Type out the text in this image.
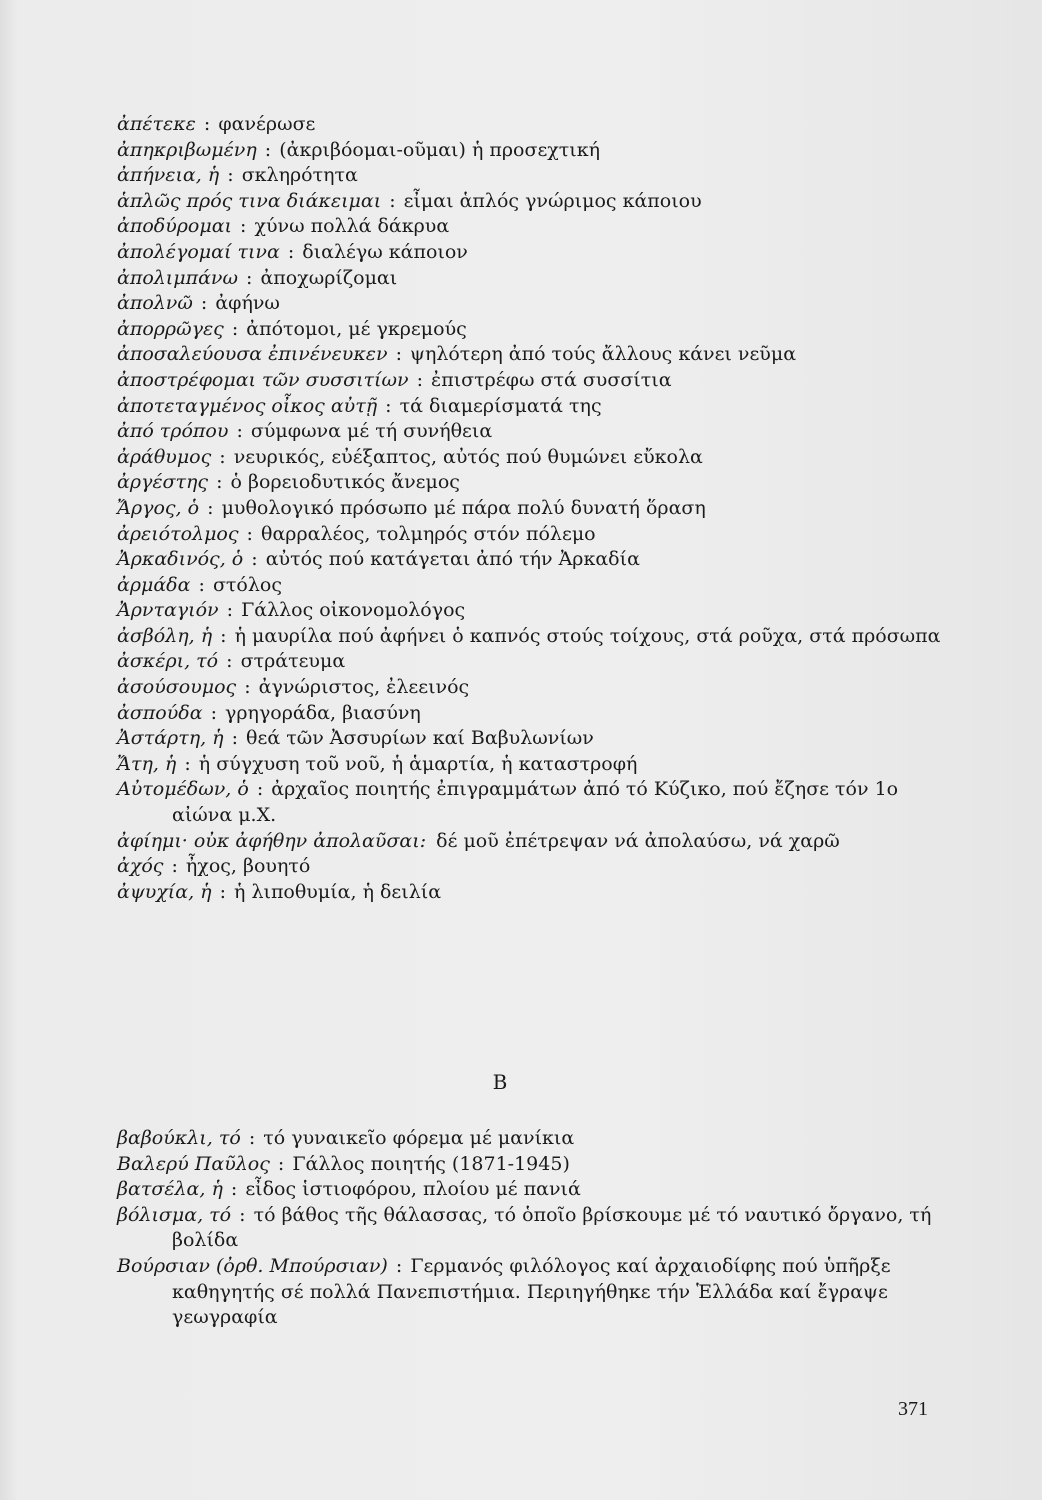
ἀπέτεκε : φανέρωσε

ἀπηκριβωμένη : (ἀκριβόομαι-οῦμαι) ἡ προσεχτική

ἀπήνεια, ἡ : σκληρότητα

ἁπλῶς πρός τινα διάκειμαι : εἶμαι ἁπλός γνώριμος κάποιου

ἀποδύρομαι : χύνω πολλά δάκρυα

ἀπολέγομαί τινα : διαλέγω κάποιον

ἀπολιμπάνω : ἀποχωρίζομαι

ἀπολνῶ : ἀφήνω

ἀπορρῶγες : ἀπότομοι, μέ γκρεμούς

ἀποσαλεύουσα ἐπινένευκεν : ψηλότερη ἀπό τούς ἄλλους κάνει νεῦμα

ἀποστρέφομαι τῶν συσσιτίων : ἐπιστρέφω στά συσσίτια

ἀποτεταγμένος οἶκος αὐτῇ : τά διαμερίσματά της

ἀπό τρόπου : σύμφωνα μέ τή συνήθεια

ἀράθυμος : νευρικός, εὐέξαπτος, αὐτός πού θυμώνει εὔκολα

ἀργέστης : ὁ βορειοδυτικός ἄνεμος

Ἄργος, ὁ : μυθολογικό πρόσωπο μέ πάρα πολύ δυνατή ὅραση

ἀρειότολμος : θαρραλέος, τολμηρός στόν πόλεμο

Ἀρκαδινός, ὁ : αὐτός πού κατάγεται ἀπό τήν Ἀρκαδία

ἀρμάδα : στόλος

Ἀρνταγιόν : Γάλλος οἰκονομολόγος

ἀσβόλη, ἡ : ἡ μαυρίλα πού ἀφήνει ὁ καπνός στούς τοίχους, στά ροῦχα, στά πρόσωπα

ἀσκέρι, τό : στράτευμα

ἀσούσουμος : ἀγνώριστος, ἐλεεινός

ἀσπούδα : γρηγοράδα, βιασύνη

Ἀστάρτη, ἡ : θεά τῶν Ἀσσυρίων καί Βαβυλωνίων

Ἄτη, ἡ : ἡ σύγχυση τοῦ νοῦ, ἡ ἁμαρτία, ἡ καταστροφή

Αὐτομέδων, ὁ : ἀρχαῖος ποιητής ἐπιγραμμάτων ἀπό τό Κύζικο, πού ἔζησε τόν 1ο αἰώνα μ.Χ.

ἀφίημι· οὐκ ἀφήθην ἀπολαῦσαι: δέ μοῦ ἐπέτρεψαν νά ἀπολαύσω, νά χαρῶ

ἀχός : ἦχος, βουητό

ἀψυχία, ἡ : ἡ λιποθυμία, ἡ δειλία

Β

βαβούκλι, τό : τό γυναικεῖο φόρεμα μέ μανίκια

Βαλερύ Παῦλος : Γάλλος ποιητής (1871-1945)

βατσέλα, ἡ : εἶδος ἱστιοφόρου, πλοίου μέ πανιά

βόλισμα, τό : τό βάθος τῆς θάλασσας, τό ὁποῖο βρίσκουμε μέ τό ναυτικό ὄργανο, τή βολίδα

Βούρσιαν (ὀρθ. Μπούρσιαν) : Γερμανός φιλόλογος καί ἀρχαιοδίφης πού ὑπῆρξε καθηγητής σέ πολλά Πανεπιστήμια. Περιηγήθηκε τήν Ἑλλάδα καί ἔγραψε γεωγραφία

371
